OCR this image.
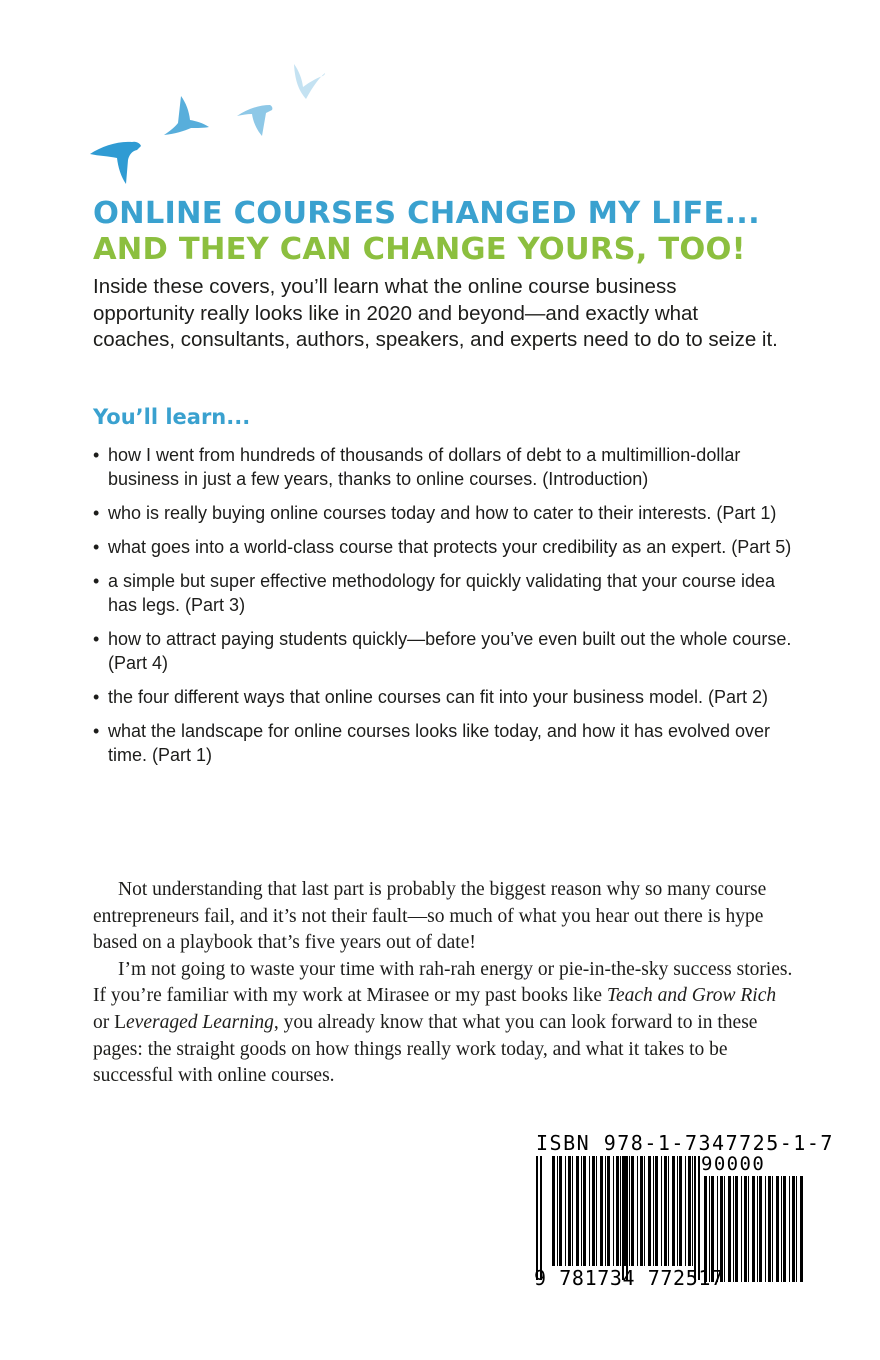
ONLINE COURSES CHANGED MY LIFE...
AND THEY CAN CHANGE YOURS, TOO!
Inside these covers, you’ll learn what the online course business opportunity really looks like in 2020 and beyond—and exactly what coaches, consultants, authors, speakers, and experts need to do to seize it.
You’ll learn...
• how I went from hundreds of thousands of dollars of debt to a multimillion-dollar business in just a few years, thanks to online courses. (Introduction)
• who is really buying online courses today and how to cater to their interests. (Part 1)
• what goes into a world-class course that protects your credibility as an expert. (Part 5)
• a simple but super effective methodology for quickly validating that your course idea has legs. (Part 3)
• how to attract paying students quickly—before you’ve even built out the whole course. (Part 4)
• the four different ways that online courses can fit into your business model. (Part 2)
• what the landscape for online courses looks like today, and how it has evolved over time. (Part 1)

Not understanding that last part is probably the biggest reason why so many course entrepreneurs fail, and it’s not their fault—so much of what you hear out there is hype based on a playbook that’s five years out of date!

I’m not going to waste your time with rah-rah energy or pie-in-the-sky success stories. If you’re familiar with my work at Mirasee or my past books like Teach and Grow Rich or Leveraged Learning, you already know that what you can look forward to in these pages: the straight goods on how things really work today, and what it takes to be successful with online courses.

ISBN 978-1-7347725-1-7
90000
9 781734 772517
